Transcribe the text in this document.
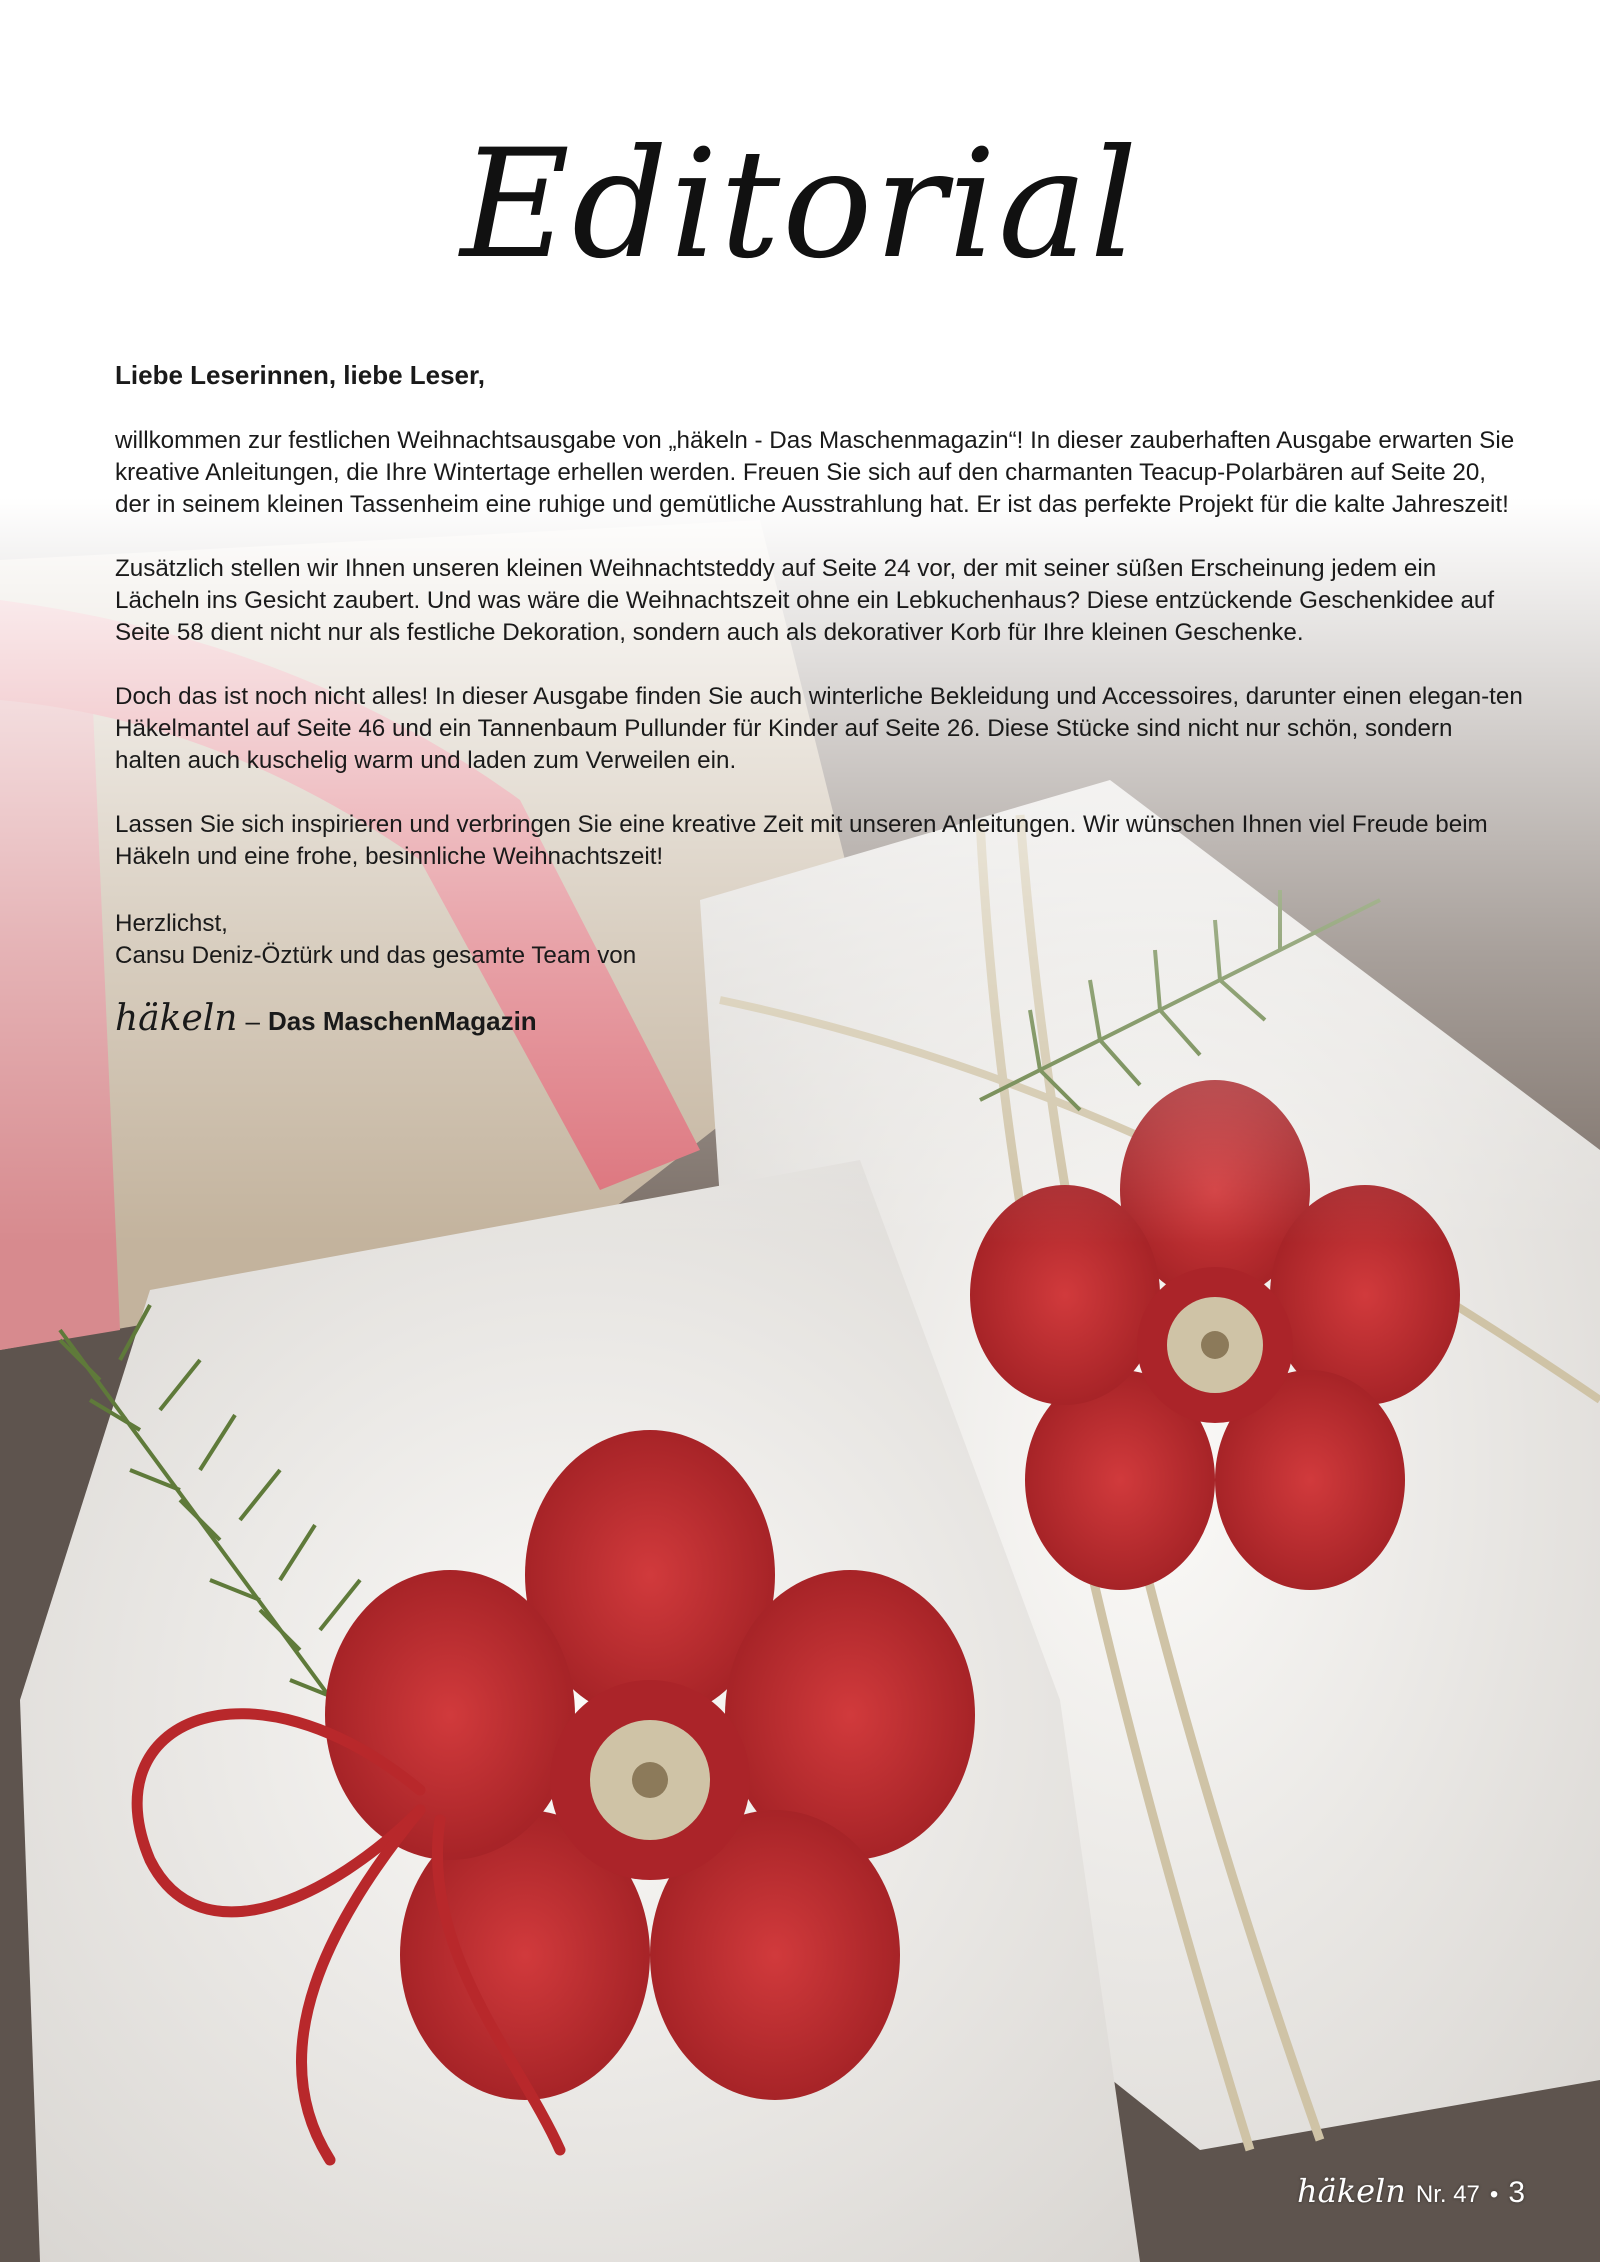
Editorial
Liebe Leserinnen, liebe Leser,

willkommen zur festlichen Weihnachtsausgabe von „häkeln - Das Maschenmagazin“! In dieser zauberhaften Ausgabe erwarten Sie kreative Anleitungen, die Ihre Wintertage erhellen werden. Freuen Sie sich auf den charmanten Teacup-Polarbären auf Seite 20, der in seinem kleinen Tassenheim eine ruhige und gemütliche Ausstrahlung hat. Er ist das perfekte Projekt für die kalte Jahreszeit!

Zusätzlich stellen wir Ihnen unseren kleinen Weihnachtsteddy auf Seite 24 vor, der mit seiner süßen Erscheinung jedem ein Lächeln ins Gesicht zaubert. Und was wäre die Weihnachtszeit ohne ein Lebkuchenhaus? Diese entzückende Geschenkidee auf Seite 58 dient nicht nur als festliche Dekoration, sondern auch als dekorativer Korb für Ihre kleinen Geschenke.

Doch das ist noch nicht alles! In dieser Ausgabe finden Sie auch winterliche Bekleidung und Accessoires, darunter einen elegan-ten Häkelmantel auf Seite 46 und ein Tannenbaum Pullunder für Kinder auf Seite 26. Diese Stücke sind nicht nur schön, sondern halten auch kuschelig warm und laden zum Verweilen ein.

Lassen Sie sich inspirieren und verbringen Sie eine kreative Zeit mit unseren Anleitungen. Wir wünschen Ihnen viel Freude beim Häkeln und eine frohe, besinnliche Weihnachtszeit!

Herzlichst,
Cansu Deniz-Öztürk und das gesamte Team von
häkeln – Das MaschenMagazin
häkeln Nr. 47 • 3
